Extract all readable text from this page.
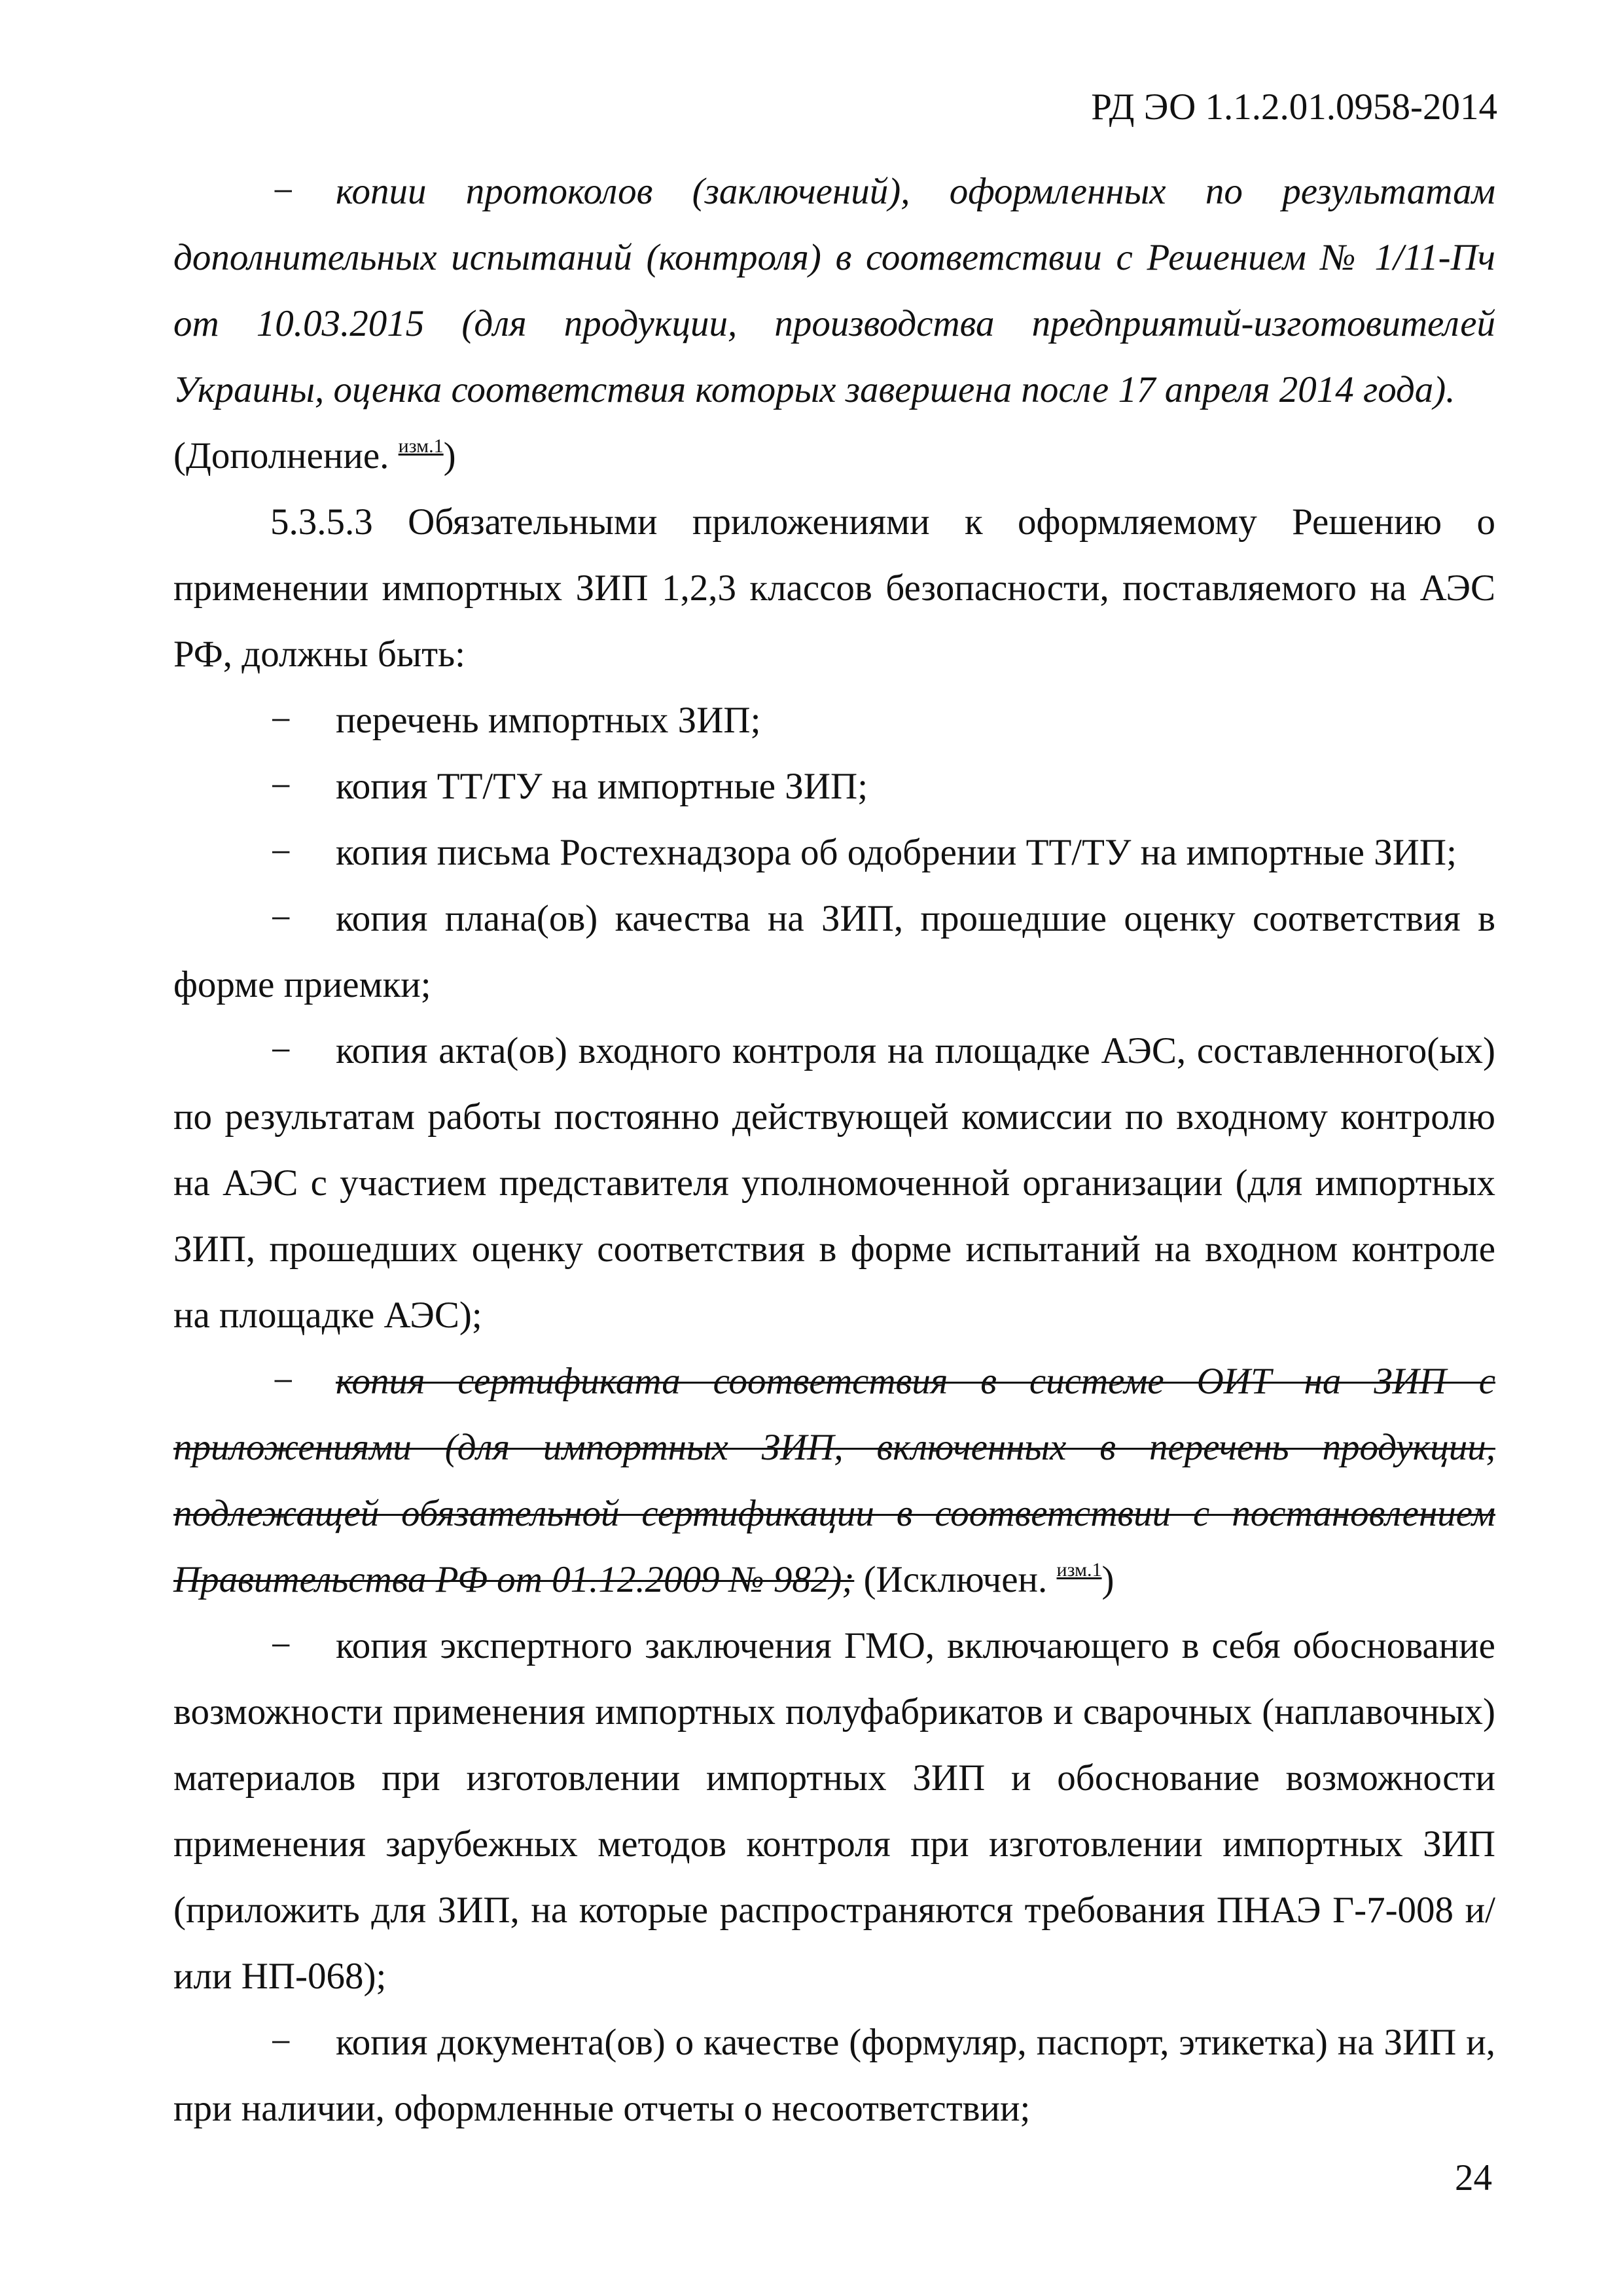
РД ЭО 1.1.2.01.0958-2014

− копии протоколов (заключений), оформленных по результатам дополнительных испытаний (контроля) в соответствии с Решением № 1/11-Пч от 10.03.2015 (для продукции, производства предприятий-изготовителей Украины, оценка соответствия которых завершена после 17 апреля 2014 года).
(Дополнение. $^{изм.1}$)

5.3.5.3 Обязательными приложениями к оформляемому Решению о применении импортных ЗИП 1,2,3 классов безопасности, поставляемого на АЭС РФ, должны быть:

− перечень импортных ЗИП;

− копия ТТ/ТУ на импортные ЗИП;

− копия письма Ростехнадзора об одобрении ТТ/ТУ на импортные ЗИП;

− копия плана(ов) качества на ЗИП, прошедшие оценку соответствия в форме приемки;

− копия акта(ов) входного контроля на площадке АЭС, составленного(ых) по результатам работы постоянно действующей комиссии по входному контролю на АЭС с участием представителя уполномоченной организации (для импортных ЗИП, прошедших оценку соответствия в форме испытаний на входном контроле на площадке АЭС);

− копия сертификата соответствия в системе ОИТ на ЗИП с приложениями (для импортных ЗИП, включенных в перечень продукции, подлежащей обязательной сертификации в соответствии с постановлением Правительства РФ от 01.12.2009 № 982); (Исключен. $^{изм.1}$)

− копия экспертного заключения ГМО, включающего в себя обоснование возможности применения импортных полуфабрикатов и сварочных (наплавочных) материалов при изготовлении импортных ЗИП и обоснование возможности применения зарубежных методов контроля при изготовлении импортных ЗИП (приложить для ЗИП, на которые распространяются требования ПНАЭ Г-7-008 и/или НП-068);

− копия документа(ов) о качестве (формуляр, паспорт, этикетка) на ЗИП и, при наличии, оформленные отчеты о несоответствии;

24
